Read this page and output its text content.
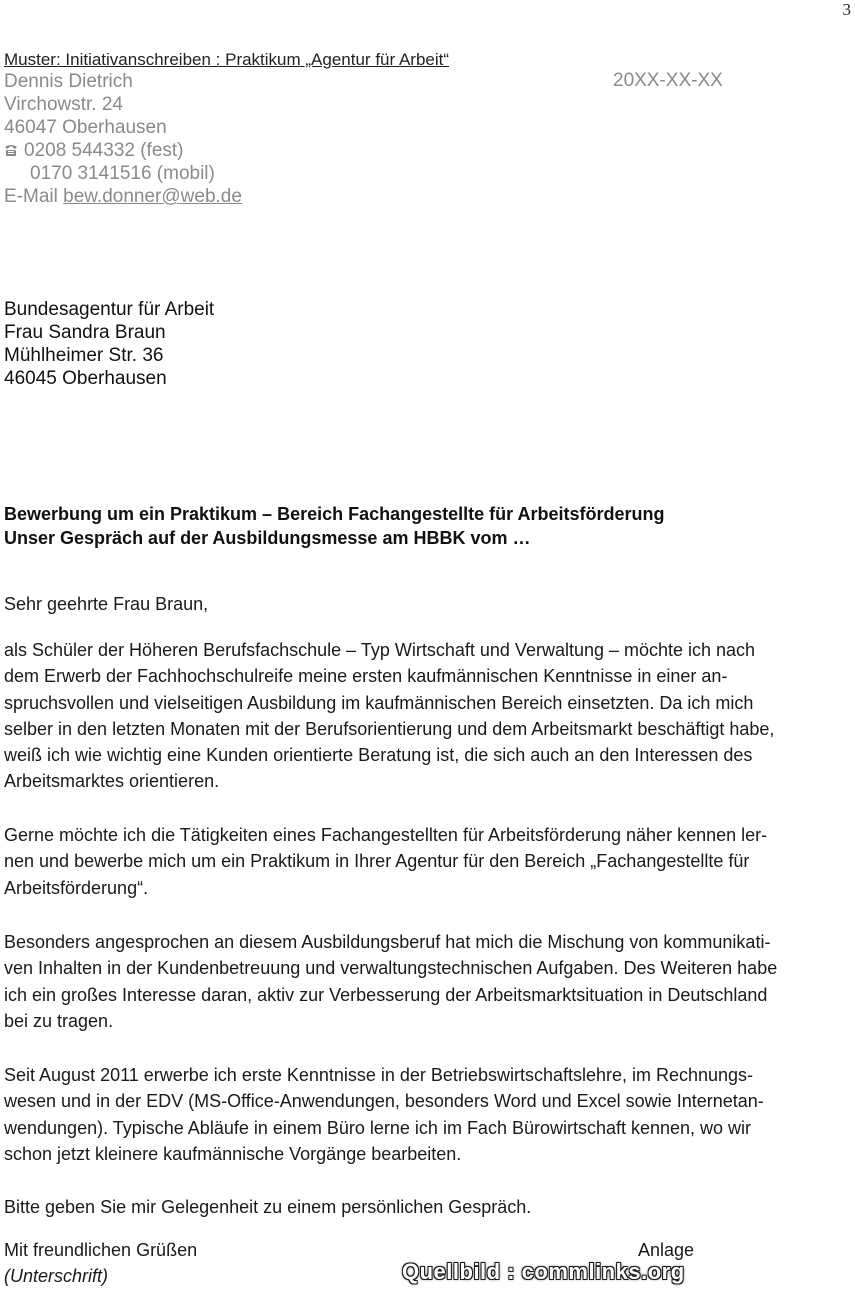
3
Muster: Initiativanschreiben : Praktikum „Agentur für Arbeit“
Dennis Dietrich
Virchowstr. 24
46047 Oberhausen
0208 544332 (fest)
0170 3141516 (mobil)
E-Mail bew.donner@web.de
20XX-XX-XX
Bundesagentur für Arbeit
Frau Sandra Braun
Mühlheimer Str. 36
46045 Oberhausen
Bewerbung um ein Praktikum – Bereich Fachangestellte für Arbeitsförderung
Unser Gespräch auf der Ausbildungsmesse am HBBK vom …
Sehr geehrte Frau Braun,
als Schüler der Höheren Berufsfachschule – Typ Wirtschaft und Verwaltung – möchte ich nach
dem Erwerb der Fachhochschulreife meine ersten kaufmännischen Kenntnisse in einer an-
spruchsvollen und vielseitigen Ausbildung im kaufmännischen Bereich einsetzten. Da ich mich
selber in den letzten Monaten mit der Berufsorientierung und dem Arbeitsmarkt beschäftigt habe,
weiß ich wie wichtig eine Kunden orientierte Beratung ist, die sich auch an den Interessen des
Arbeitsmarktes orientieren.
Gerne möchte ich die Tätigkeiten eines Fachangestellten für Arbeitsförderung näher kennen ler-
nen und bewerbe mich um ein Praktikum in Ihrer Agentur für den Bereich „Fachangestellte für
Arbeitsförderung“.
Besonders angesprochen an diesem Ausbildungsberuf hat mich die Mischung von kommunikati-
ven Inhalten in der Kundenbetreuung und verwaltungstechnischen Aufgaben. Des Weiteren habe
ich ein großes Interesse daran, aktiv zur Verbesserung der Arbeitsmarktsituation in Deutschland
bei zu tragen.
Seit August 2011 erwerbe ich erste Kenntnisse in der Betriebswirtschaftslehre, im Rechnungs-
wesen und in der EDV (MS-Office-Anwendungen, besonders Word und Excel sowie Internetan-
wendungen). Typische Abläufe in einem Büro lerne ich im Fach Bürowirtschaft kennen, wo wir
schon jetzt kleinere kaufmännische Vorgänge bearbeiten.
Bitte geben Sie mir Gelegenheit zu einem persönlichen Gespräch.
Mit freundlichen Grüßen
(Unterschrift)
Anlage
Quellbild : commlinks.org
